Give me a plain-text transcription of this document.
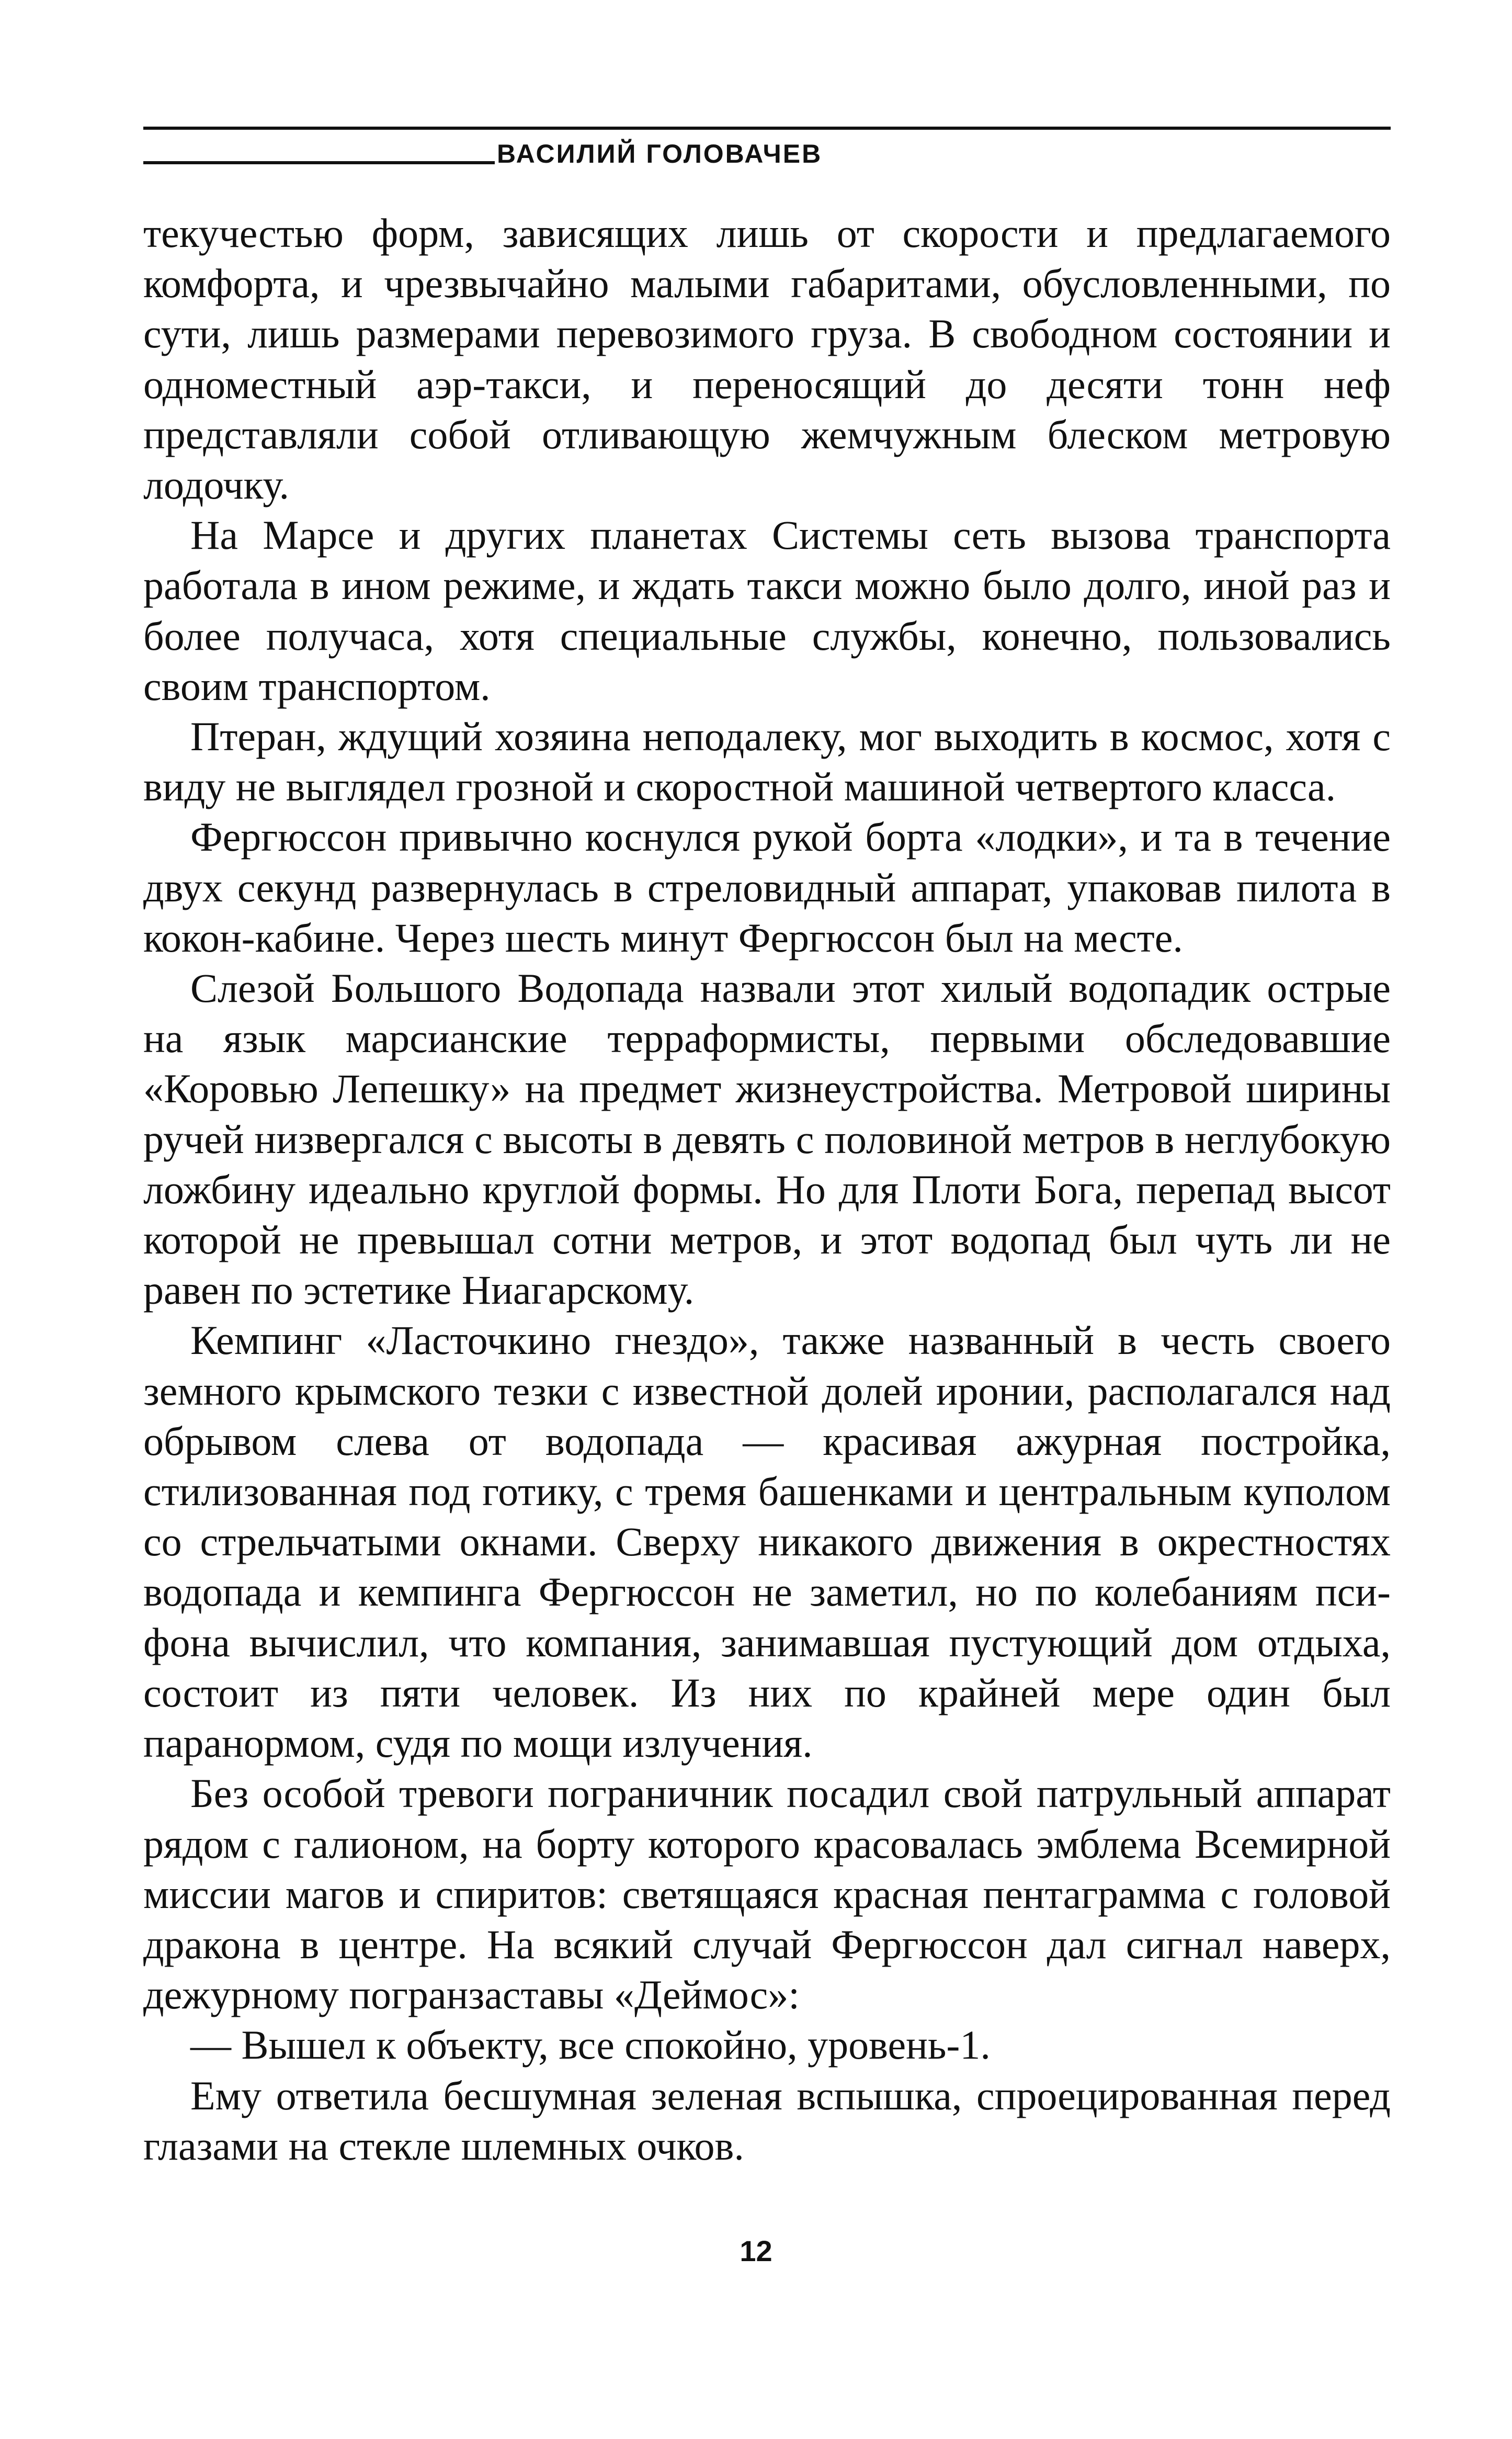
ВАСИЛИЙ ГОЛОВАЧЕВ

текучестью форм, зависящих лишь от скорости и предлагаемого комфорта, и чрезвычайно малыми габаритами, обусловленными, по сути, лишь размерами перевозимого груза. В свободном состоянии и одноместный аэр-такси, и переносящий до десяти тонн неф представляли собой отливающую жемчужным блеском метровую лодочку.

На Марсе и других планетах Системы сеть вызова транспорта работала в ином режиме, и ждать такси можно было долго, иной раз и более получаса, хотя специальные службы, конечно, пользовались своим транспортом.

Птеран, ждущий хозяина неподалеку, мог выходить в космос, хотя с виду не выглядел грозной и скоростной машиной четвертого класса.

Фергюссон привычно коснулся рукой борта «лодки», и та в течение двух секунд развернулась в стреловидный аппарат, упаковав пилота в кокон-кабине. Через шесть минут Фергюссон был на месте.

Слезой Большого Водопада назвали этот хилый водопадик острые на язык марсианские терраформисты, первыми обследовавшие «Коровью Лепешку» на предмет жизнеустройства. Метровой ширины ручей низвергался с высоты в девять с половиной метров в неглубокую ложбину идеально круглой формы. Но для Плоти Бога, перепад высот которой не превышал сотни метров, и этот водопад был чуть ли не равен по эстетике Ниагарскому.

Кемпинг «Ласточкино гнездо», также названный в честь своего земного крымского тезки с известной долей иронии, располагался над обрывом слева от водопада — красивая ажурная постройка, стилизованная под готику, с тремя башенками и центральным куполом со стрельчатыми окнами. Сверху никакого движения в окрестностях водопада и кемпинга Фергюссон не заметил, но по колебаниям пси-фона вычислил, что компания, занимавшая пустующий дом отдыха, состоит из пяти человек. Из них по крайней мере один был паранормом, судя по мощи излучения.

Без особой тревоги пограничник посадил свой патрульный аппарат рядом с галионом, на борту которого красовалась эмблема Всемирной миссии магов и спиритов: светящаяся красная пентаграмма с головой дракона в центре. На всякий случай Фергюссон дал сигнал наверх, дежурному погранзаставы «Деймос»:

— Вышел к объекту, все спокойно, уровень-1.

Ему ответила бесшумная зеленая вспышка, спроецированная перед глазами на стекле шлемных очков.

12
